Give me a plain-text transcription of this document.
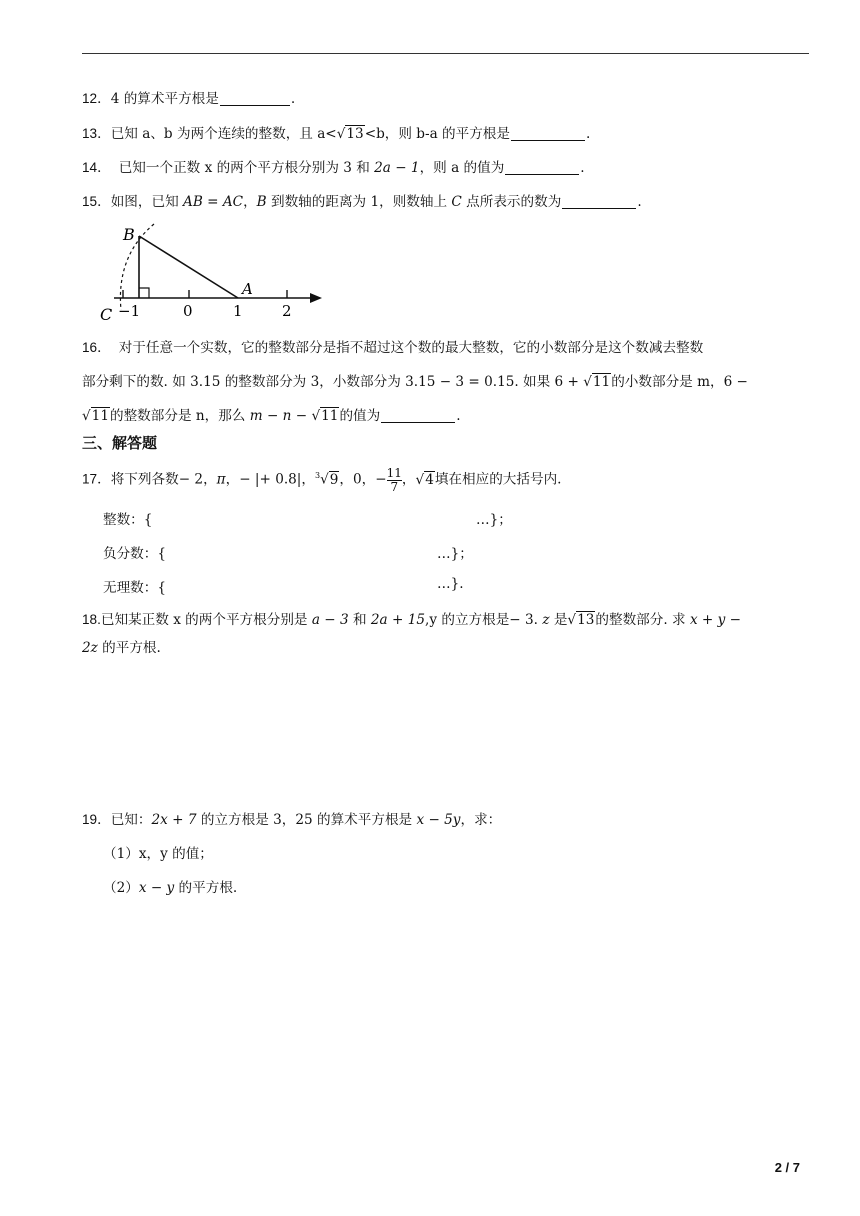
12．4 的算术平方根是	.
13．已知 a、b 为两个连续的整数，且 a<√13<b，则 b-a 的平方根是	.
14． 已知一个正数 x 的两个平方根分别为 3 和 2a − 1，则 a 的值为	.
15．如图，已知 AB = AC，B 到数轴的距离为 1，则数轴上 C 点所表示的数为	.
B
A
C −1	0	1	2
16． 对于任意一个实数，它的整数部分是指不超过这个数的最大整数，它的小数部分是这个数减去整数
部分剩下的数. 如 3.15 的整数部分为 3，小数部分为 3.15 − 3 = 0.15. 如果 6 + √11的小数部分是 m，6 −
√11的整数部分是 n，那么 m − n − √11的值为	.
三、解答题
17．将下列各数− 2，π，− |+ 0.8|，$^3$√9，0，− $\frac{11}{7}$ ，√4填在相应的大括号内.
整数：{	…}；
负分数：{	…}；
无理数：{	…}.
18.已知某正数 x 的两个平方根分别是 a − 3 和 2a + 15,y 的立方根是− 3. z 是√13的整数部分. 求 x + y −
2z 的平方根.
19．已知：2x + 7 的立方根是 3，25 的算术平方根是 x − 5y，求：
（1）x，y 的值；
（2）x − y 的平方根.
2 / 7
